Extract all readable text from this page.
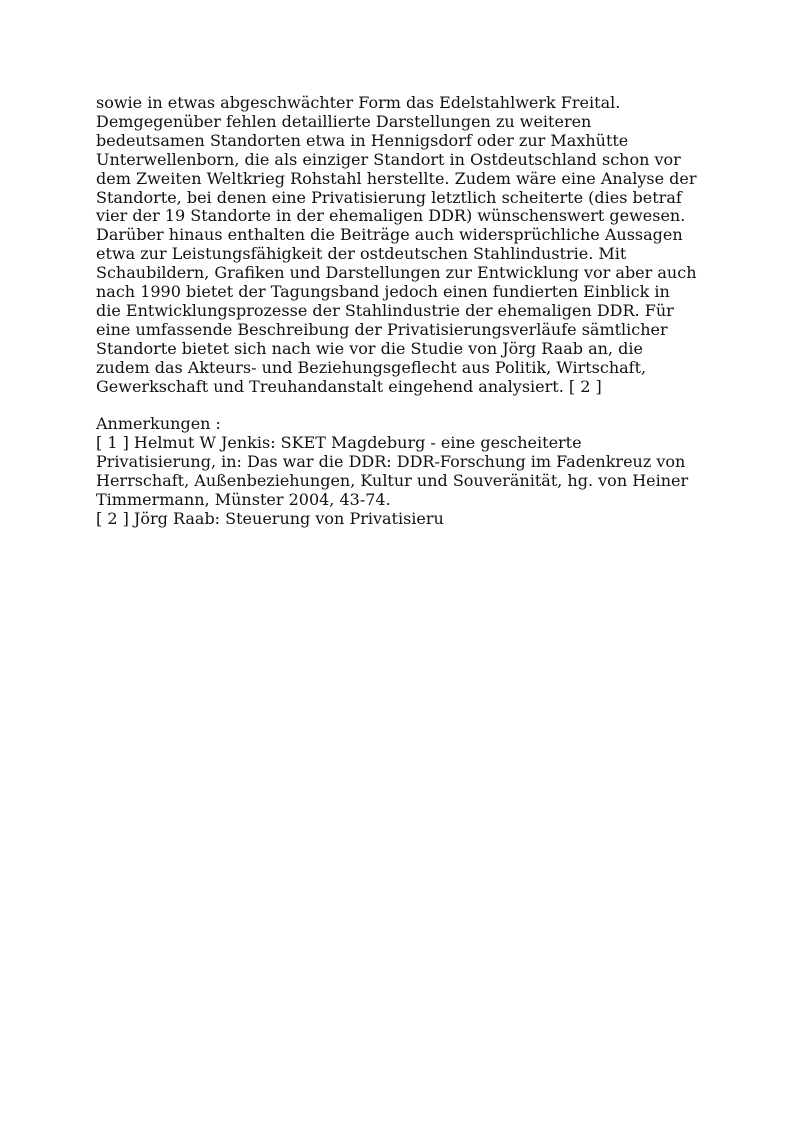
sowie in etwas abgeschwächter Form das Edelstahlwerk Freital.
Demgegenüber fehlen detaillierte Darstellungen zu weiteren
bedeutsamen Standorten etwa in Hennigsdorf oder zur Maxhütte
Unterwellenborn, die als einziger Standort in Ostdeutschland schon vor
dem Zweiten Weltkrieg Rohstahl herstellte. Zudem wäre eine Analyse der
Standorte, bei denen eine Privatisierung letztlich scheiterte (dies betraf
vier der 19 Standorte in der ehemaligen DDR) wünschenswert gewesen.
Darüber hinaus enthalten die Beiträge auch widersprüchliche Aussagen
etwa zur Leistungsfähigkeit der ostdeutschen Stahlindustrie. Mit
Schaubildern, Grafiken und Darstellungen zur Entwicklung vor aber auch
nach 1990 bietet der Tagungsband jedoch einen fundierten Einblick in
die Entwicklungsprozesse der Stahlindustrie der ehemaligen DDR. Für
eine umfassende Beschreibung der Privatisierungsverläufe sämtlicher
Standorte bietet sich nach wie vor die Studie von Jörg Raab an, die
zudem das Akteurs- und Beziehungsgeflecht aus Politik, Wirtschaft,
Gewerkschaft und Treuhandanstalt eingehend analysiert. [ 2 ]
Anmerkungen :
[ 1 ] Helmut W Jenkis: SKET Magdeburg - eine gescheiterte
Privatisierung, in: Das war die DDR: DDR-Forschung im Fadenkreuz von
Herrschaft, Außenbeziehungen, Kultur und Souveränität, hg. von Heiner
Timmermann, Münster 2004, 43-74.
[ 2 ] Jörg Raab: Steuerung von Privatisieru
